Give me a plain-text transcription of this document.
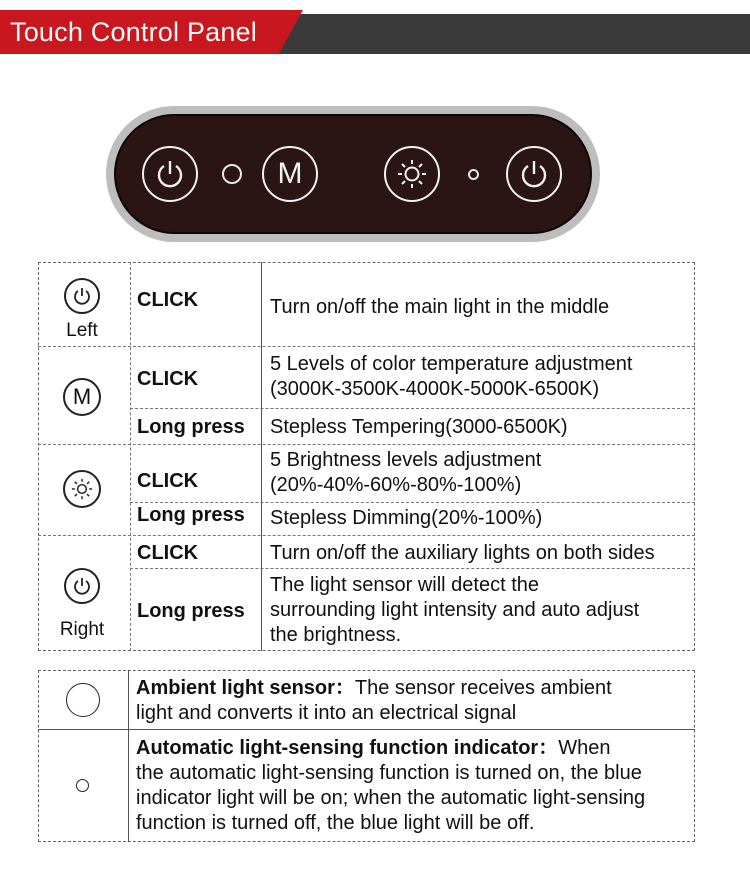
Touch Control Panel
M
Left
CLICK	Turn on/off the main light in the middle
M
CLICK
5 Levels of color temperature adjustment
(3000K-3500K-4000K-5000K-6500K)
Long press Stepless Tempering(3000-6500K)
CLICK
5 Brightness levels adjustment
(20%-40%-60%-80%-100%)
Long press Stepless Dimming(20%-100%)
Right
CLICK	Turn on/off the auxiliary lights on both sides
Long press
The light sensor will detect the
surrounding light intensity and auto adjust
the brightness.
Ambient light sensor：The sensor receives ambient
light and converts it into an electrical signal
Automatic light-sensing function indicator：When
the automatic light-sensing function is turned on, the blue
indicator light will be on; when the automatic light-sensing
function is turned off, the blue light will be off.
